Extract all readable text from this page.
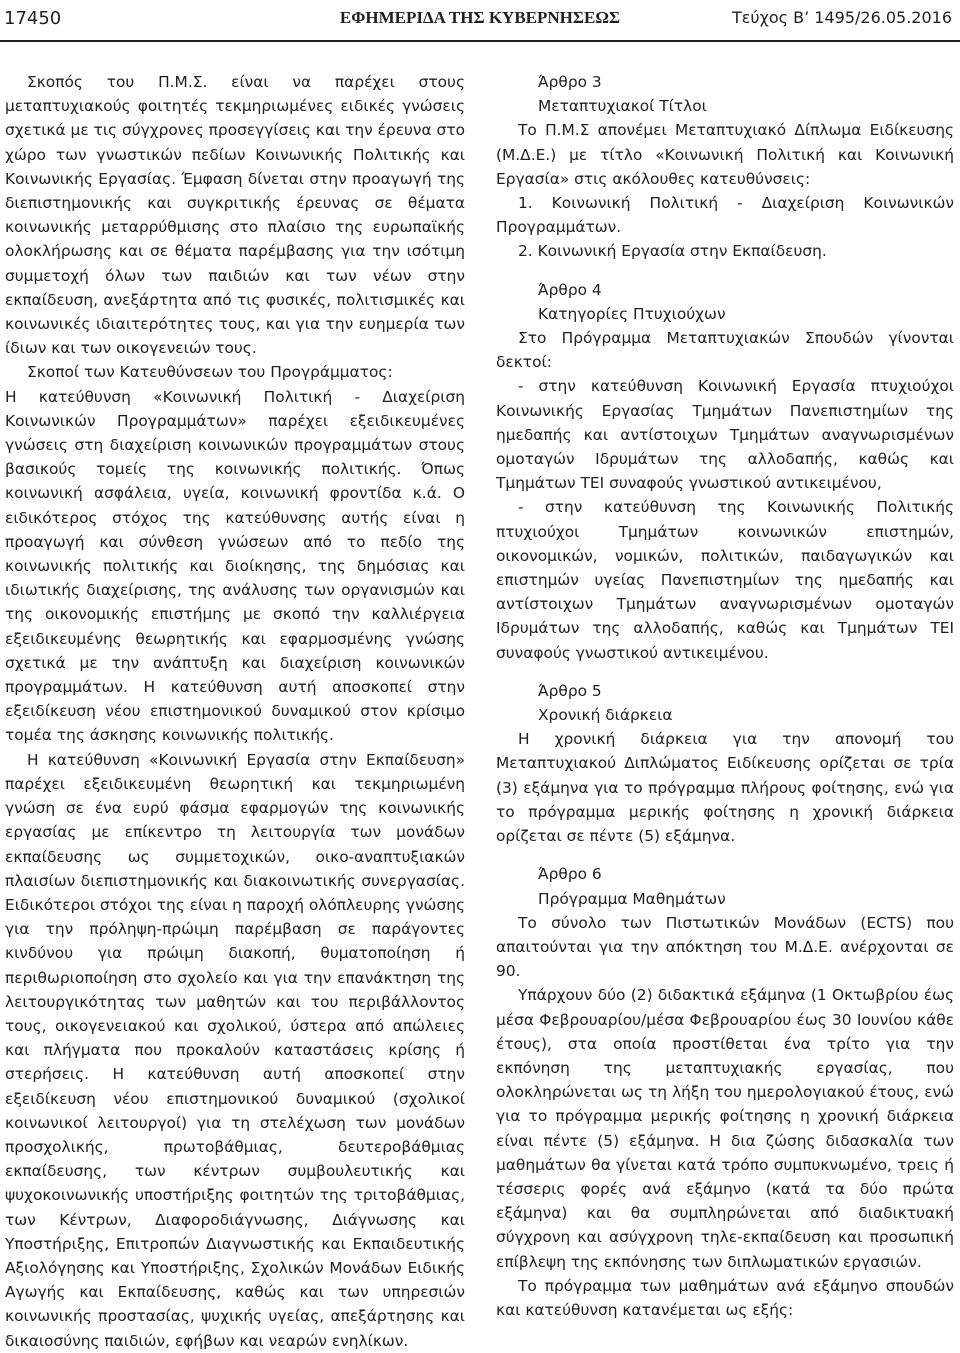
17450	ΕΦΗΜΕΡΙΔΑ ΤΗΣ ΚΥΒΕΡΝΗΣΕΩΣ	Τεύχος Β’ 1495/26.05.2016

Σκοπός του Π.Μ.Σ. είναι να παρέχει στους μεταπτυχιακούς φοιτητές τεκμηριωμένες ειδικές γνώσεις σχετικά με τις σύγχρονες προσεγγίσεις και την έρευνα στο χώρο των γνωστικών πεδίων Κοινωνικής Πολιτικής και Κοινωνικής Εργασίας. Έμφαση δίνεται στην προαγωγή της διεπιστημονικής και συγκριτικής έρευνας σε θέματα κοινωνικής μεταρρύθμισης στο πλαίσιο της ευρωπαϊκής ολοκλήρωσης και σε θέματα παρέμβασης για την ισότιμη συμμετοχή όλων των παιδιών και των νέων στην εκπαίδευση, ανεξάρτητα από τις φυσικές, πολιτισμικές και κοινωνικές ιδιαιτερότητες τους, και για την ευημερία των ίδιων και των οικογενειών τους.

Σκοποί των Κατευθύνσεων του Προγράμματος:

Η κατεύθυνση «Κοινωνική Πολιτική - Διαχείριση Κοινωνικών Προγραμμάτων» παρέχει εξειδικευμένες γνώσεις στη διαχείριση κοινωνικών προγραμμάτων στους βασικούς τομείς της κοινωνικής πολιτικής. Όπως κοινωνική ασφάλεια, υγεία, κοινωνική φροντίδα κ.ά. Ο ειδικότερος στόχος της κατεύθυνσης αυτής είναι η προαγωγή και σύνθεση γνώσεων από το πεδίο της κοινωνικής πολιτικής και διοίκησης, της δημόσιας και ιδιωτικής διαχείρισης, της ανάλυσης των οργανισμών και της οικονομικής επιστήμης με σκοπό την καλλιέργεια εξειδικευμένης θεωρητικής και εφαρμοσμένης γνώσης σχετικά με την ανάπτυξη και διαχείριση κοινωνικών προγραμμάτων. Η κατεύθυνση αυτή αποσκοπεί στην εξειδίκευση νέου επιστημονικού δυναμικού στον κρίσιμο τομέα της άσκησης κοινωνικής πολιτικής.

Η κατεύθυνση «Κοινωνική Εργασία στην Εκπαίδευση» παρέχει εξειδικευμένη θεωρητική και τεκμηριωμένη γνώση σε ένα ευρύ φάσμα εφαρμογών της κοινωνικής εργασίας με επίκεντρο τη λειτουργία των μονάδων εκπαίδευσης ως συμμετοχικών, οικο-αναπτυξιακών πλαισίων διεπιστημονικής και διακοινωτικής συνεργασίας. Ειδικότεροι στόχοι της είναι η παροχή ολόπλευρης γνώσης για την πρόληψη-πρώιμη παρέμβαση σε παράγοντες κινδύνου για πρώιμη διακοπή, θυματοποίηση ή περιθωριοποίηση στο σχολείο και για την επανάκτηση της λειτουργικότητας των μαθητών και του περιβάλλοντος τους, οικογενειακού και σχολικού, ύστερα από απώλειες και πλήγματα που προκαλούν καταστάσεις κρίσης ή στερήσεις. Η κατεύθυνση αυτή αποσκοπεί στην εξειδίκευση νέου επιστημονικού δυναμικού (σχολικοί κοινωνικοί λειτουργοί) για τη στελέχωση των μονάδων προσχολικής, πρωτοβάθμιας, δευτεροβάθμιας εκπαίδευσης, των κέντρων συμβουλευτικής και ψυχοκοινωνικής υποστήριξης φοιτητών της τριτοβάθμιας, των Κέντρων, Διαφοροδιάγνωσης, Διάγνωσης και Υποστήριξης, Επιτροπών Διαγνωστικής και Εκπαιδευτικής Αξιολόγησης και Υποστήριξης, Σχολικών Μονάδων Ειδικής Αγωγής και Εκπαίδευσης, καθώς και των υπηρεσιών κοινωνικής προστασίας, ψυχικής υγείας, απεξάρτησης και δικαιοσύνης παιδιών, εφήβων και νεαρών ενηλίκων.

Άρθρο 3

Μεταπτυχιακοί Τίτλοι

Το Π.Μ.Σ απονέμει Μεταπτυχιακό Δίπλωμα Ειδίκευσης (Μ.Δ.Ε.) με τίτλο «Κοινωνική Πολιτική και Κοινωνική Εργασία» στις ακόλουθες κατευθύνσεις:

1. Κοινωνική Πολιτική - Διαχείριση Κοινωνικών Προγραμμάτων.

2. Κοινωνική Εργασία στην Εκπαίδευση.

Άρθρο 4

Κατηγορίες Πτυχιούχων

Στο Πρόγραμμα Μεταπτυχιακών Σπουδών γίνονται δεκτοί:

- στην κατεύθυνση Κοινωνική Εργασία πτυχιούχοι Κοινωνικής Εργασίας Τμημάτων Πανεπιστημίων της ημεδαπής και αντίστοιχων Τμημάτων αναγνωρισμένων ομοταγών Ιδρυμάτων της αλλοδαπής, καθώς και Τμημάτων ΤΕΙ συναφούς γνωστικού αντικειμένου,

- στην κατεύθυνση της Κοινωνικής Πολιτικής πτυχιούχοι Τμημάτων κοινωνικών επιστημών, οικονομικών, νομικών, πολιτικών, παιδαγωγικών και επιστημών υγείας Πανεπιστημίων της ημεδαπής και αντίστοιχων Τμημάτων αναγνωρισμένων ομοταγών Ιδρυμάτων της αλλοδαπής, καθώς και Τμημάτων ΤΕΙ συναφούς γνωστικού αντικειμένου.

Άρθρο 5

Χρονική διάρκεια

Η χρονική διάρκεια για την απονομή του Μεταπτυχιακού Διπλώματος Ειδίκευσης ορίζεται σε τρία (3) εξάμηνα για το πρόγραμμα πλήρους φοίτησης, ενώ για το πρόγραμμα μερικής φοίτησης η χρονική διάρκεια ορίζεται σε πέντε (5) εξάμηνα.

Άρθρο 6

Πρόγραμμα Μαθημάτων

Το σύνολο των Πιστωτικών Μονάδων (ECTS) που απαιτούνται για την απόκτηση του Μ.Δ.Ε. ανέρχονται σε 90.

Υπάρχουν δύο (2) διδακτικά εξάμηνα (1 Οκτωβρίου έως μέσα Φεβρουαρίου/μέσα Φεβρουαρίου έως 30 Ιουνίου κάθε έτους), στα οποία προστίθεται ένα τρίτο για την εκπόνηση της μεταπτυχιακής εργασίας, που ολοκληρώνεται ως τη λήξη του ημερολογιακού έτους, ενώ για το πρόγραμμα μερικής φοίτησης η χρονική διάρκεια είναι πέντε (5) εξάμηνα. Η δια ζώσης διδασκαλία των μαθημάτων θα γίνεται κατά τρόπο συμπυκνωμένο, τρεις ή τέσσερις φορές ανά εξάμηνο (κατά τα δύο πρώτα εξάμηνα) και θα συμπληρώνεται από διαδικτυακή σύγχρονη και ασύγχρονη τηλε-εκπαίδευση και προσωπική επίβλεψη της εκπόνησης των διπλωματικών εργασιών.

Το πρόγραμμα των μαθημάτων ανά εξάμηνο σπουδών και κατεύθυνση κατανέμεται ως εξής:
